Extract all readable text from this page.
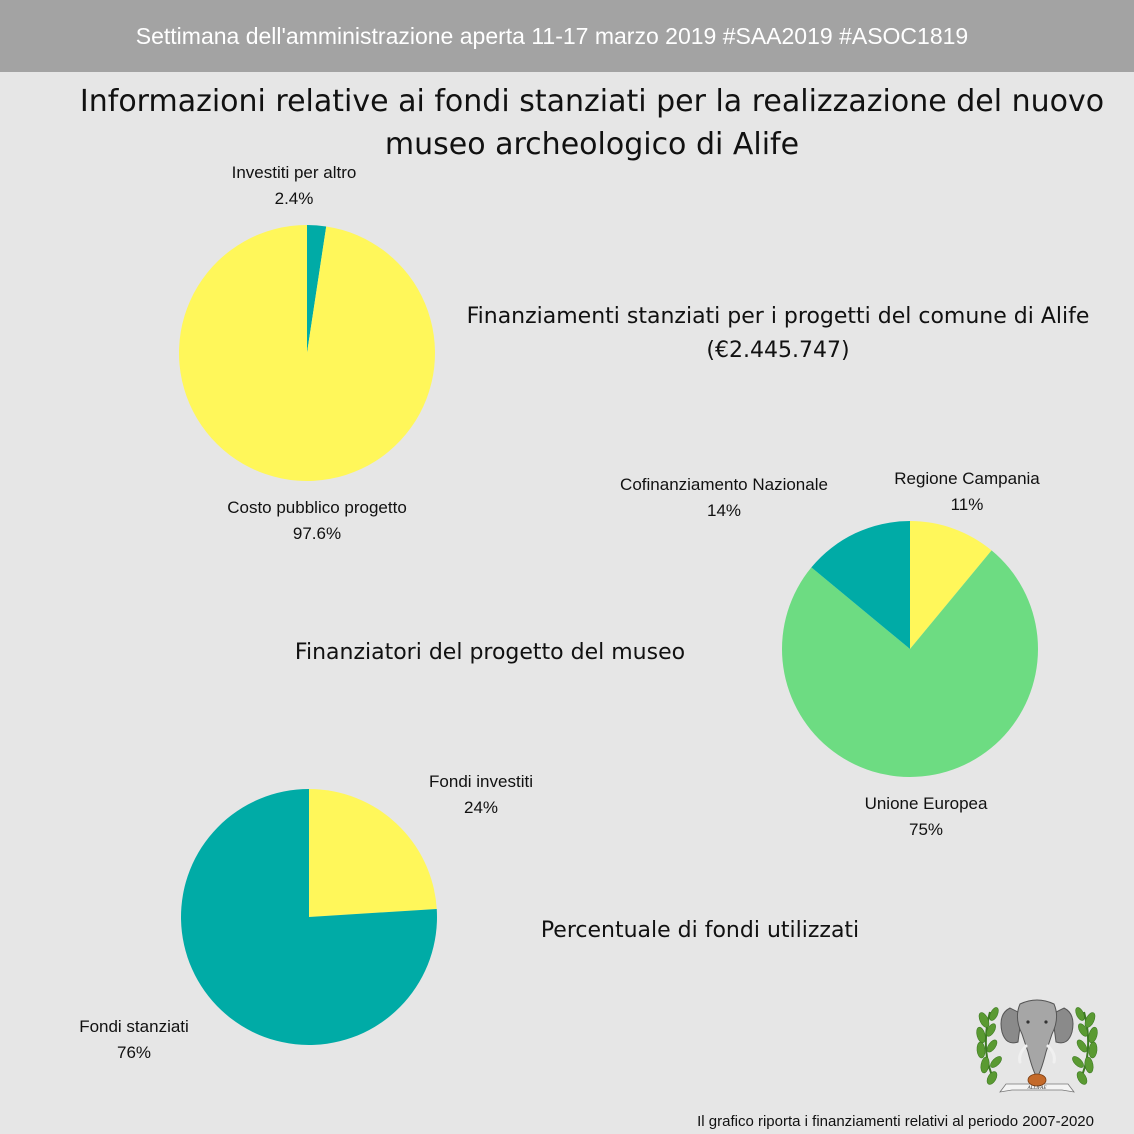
Settimana dell'amministrazione aperta 11-17 marzo 2019 #SAA2019 #ASOC1819
Informazioni relative ai fondi stanziati per la realizzazione del nuovo museo archeologico di Alife
Investiti per altro
2.4%
Costo pubblico progetto
97.6%
Finanziamenti stanziati per i progetti del comune di Alife
(€2.445.747)
Regione Campania
11%
Cofinanziamento Nazionale
14%
Unione Europea
75%
Finanziatori del progetto del museo
Fondi investiti
24%
Fondi stanziati
76%
Percentuale di fondi utilizzati
ALLIFAE
Il grafico riporta i finanziamenti relativi al periodo 2007-2020
